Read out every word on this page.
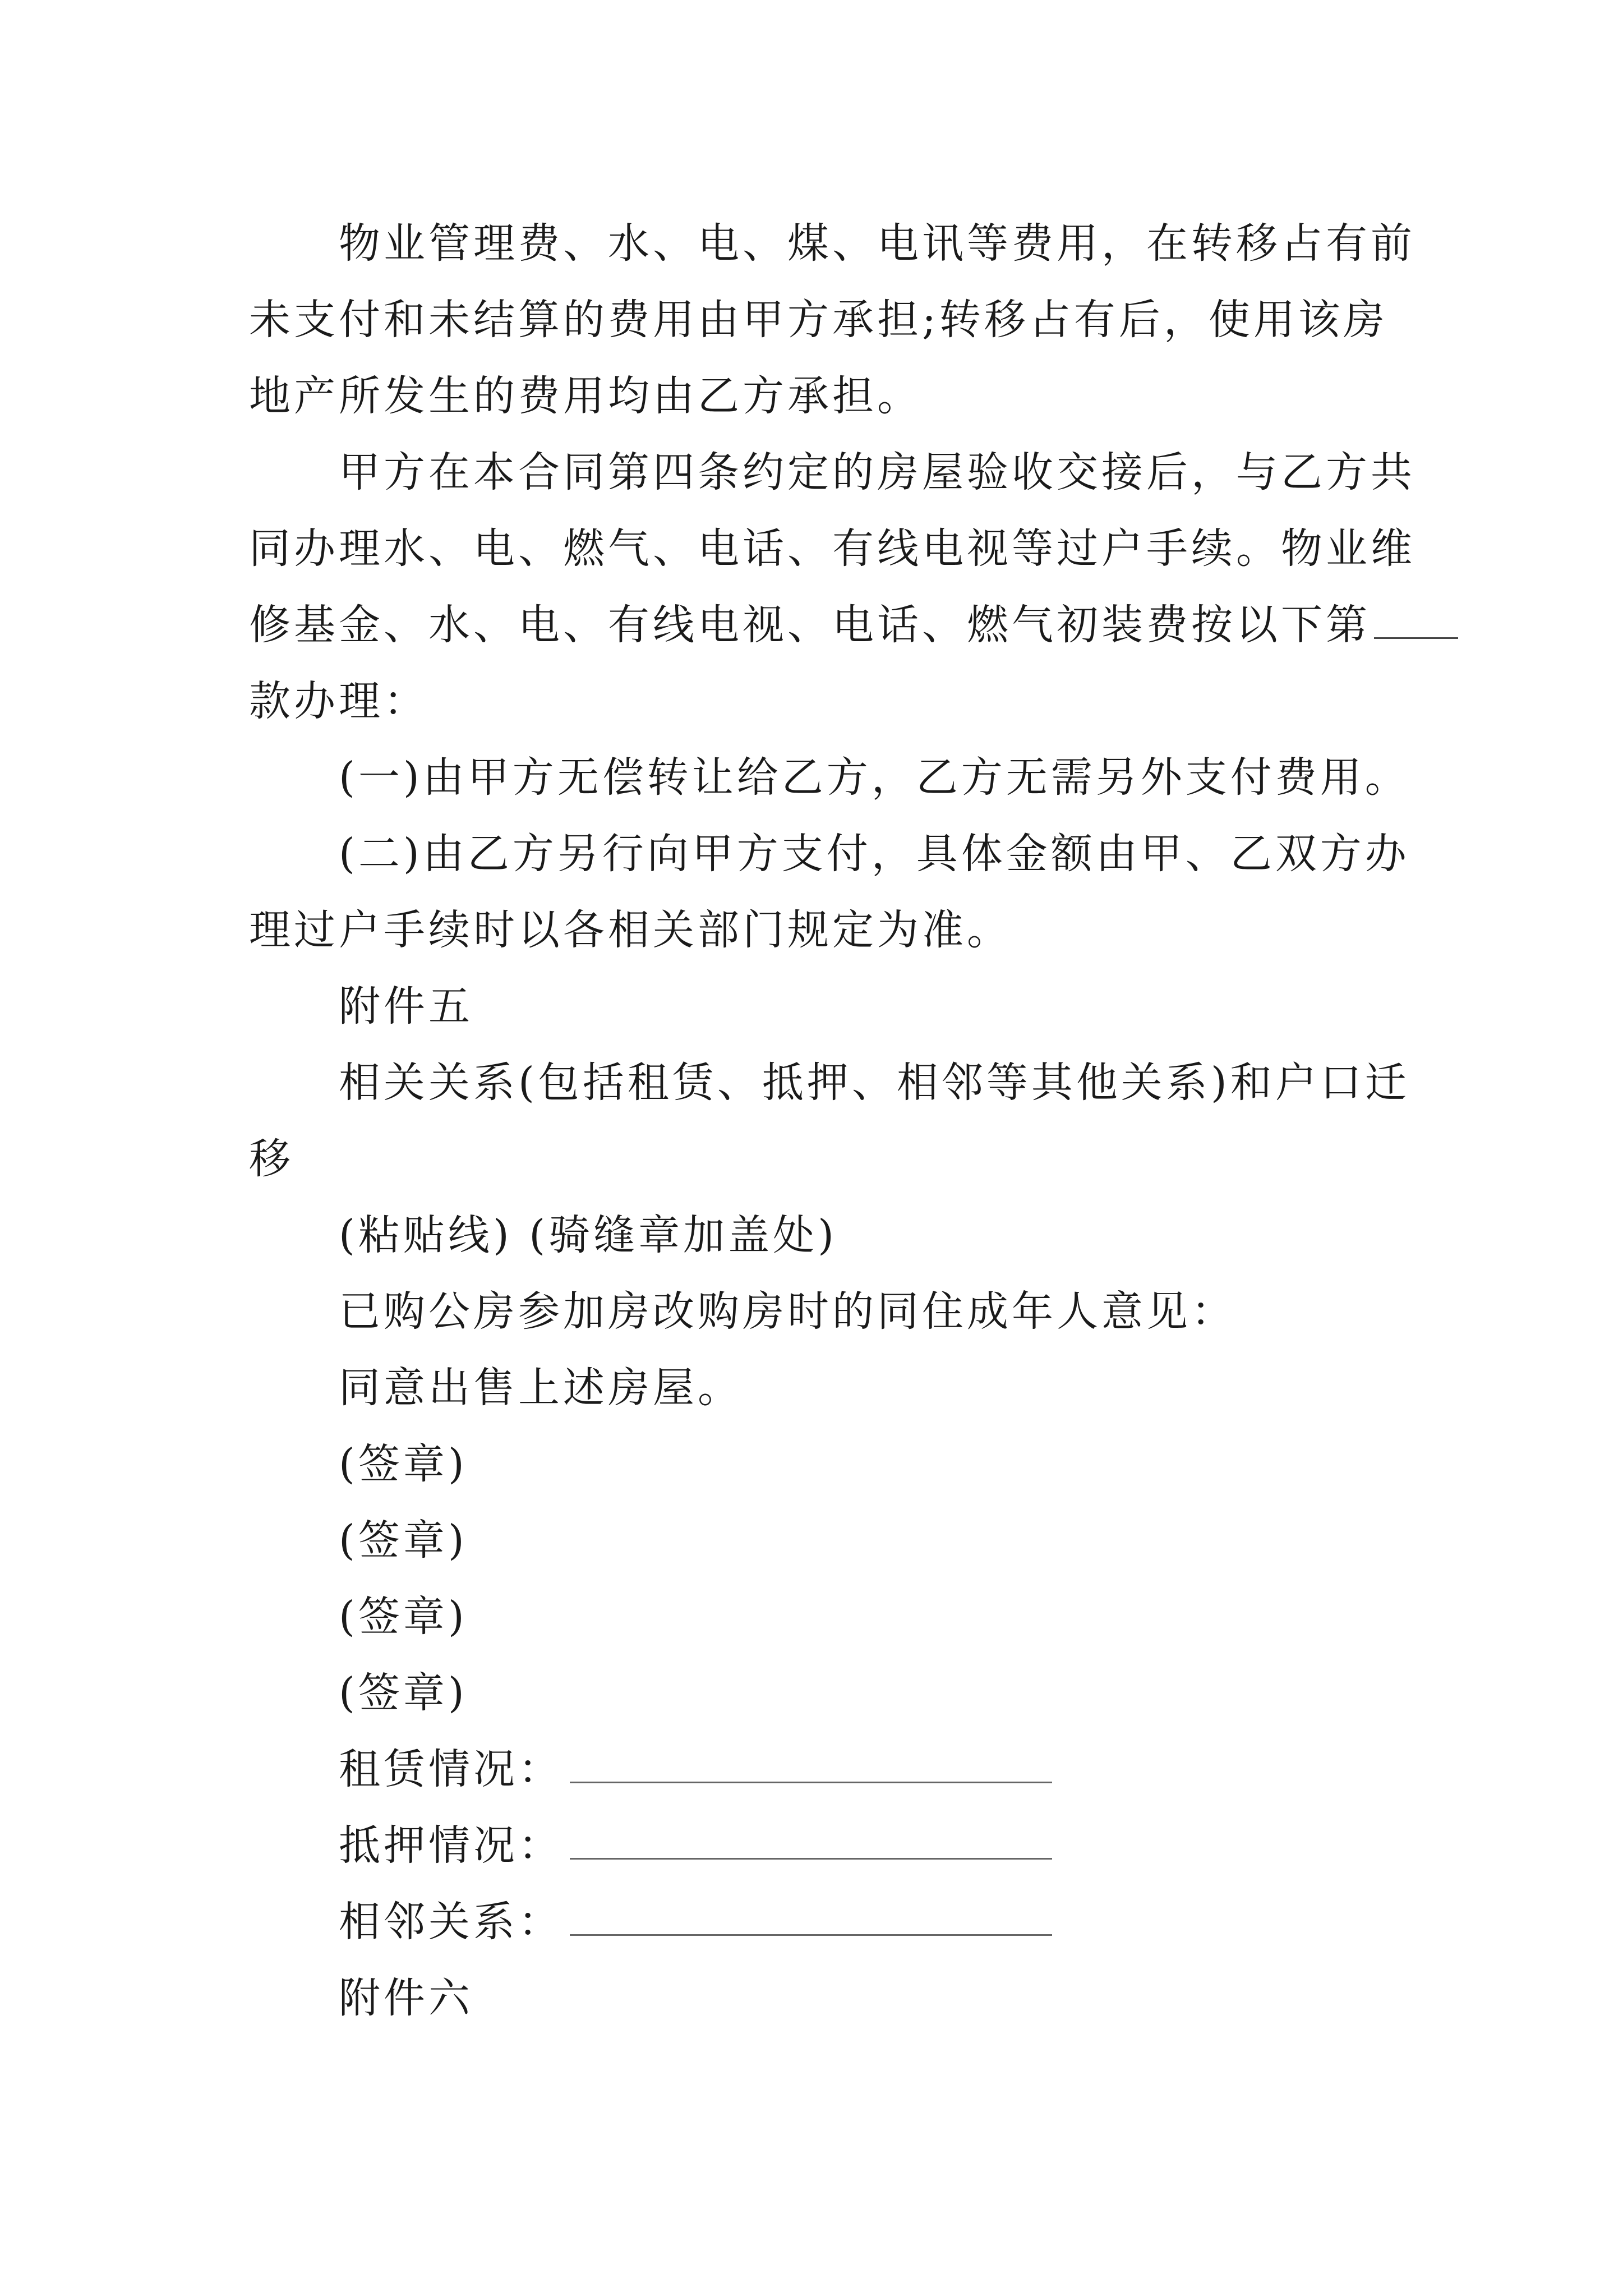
物业管理费、水、电、煤、电讯等费用，在转移占有前
未支付和未结算的费用由甲方承担;转移占有后，使用该房
地产所发生的费用均由乙方承担。
甲方在本合同第四条约定的房屋验收交接后，与乙方共
同办理水、电、燃气、电话、有线电视等过户手续。物业维
修基金、水、电、有线电视、电话、燃气初装费按以下第
款办理：
(一)由甲方无偿转让给乙方，乙方无需另外支付费用。
(二)由乙方另行向甲方支付，具体金额由甲、乙双方办
理过户手续时以各相关部门规定为准。
附件五
相关关系(包括租赁、抵押、相邻等其他关系)和户口迁
移
(粘贴线) (骑缝章加盖处)
已购公房参加房改购房时的同住成年人意见：
同意出售上述房屋。
(签章)
(签章)
(签章)
(签章)
租赁情况：
抵押情况：
相邻关系：
附件六
